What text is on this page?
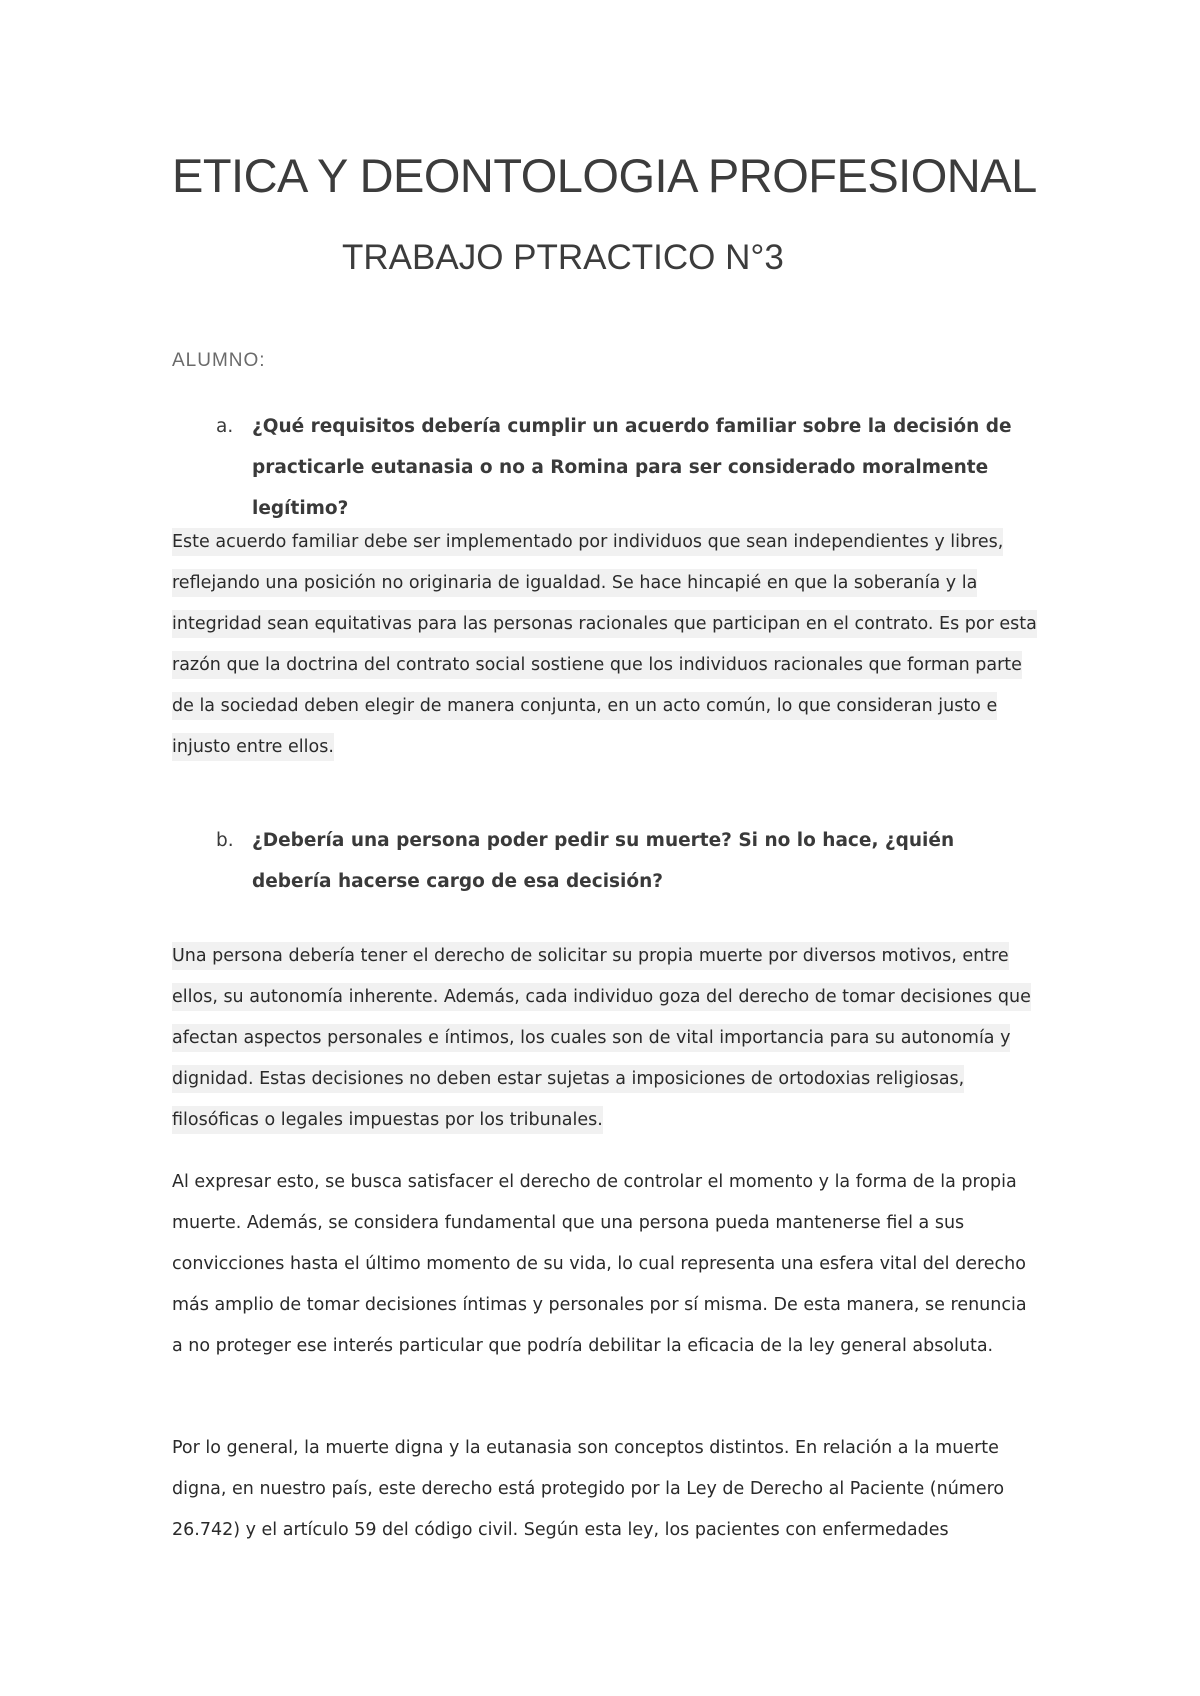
ETICA Y DEONTOLOGIA PROFESIONAL
TRABAJO PTRACTICO N°3
ALUMNO:
a. ¿Qué requisitos debería cumplir un acuerdo familiar sobre la decisión de practicarle eutanasia o no a Romina para ser considerado moralmente legítimo?

Este acuerdo familiar debe ser implementado por individuos que sean independientes y libres, reflejando una posición no originaria de igualdad. Se hace hincapié en que la soberanía y la integridad sean equitativas para las personas racionales que participan en el contrato. Es por esta razón que la doctrina del contrato social sostiene que los individuos racionales que forman parte de la sociedad deben elegir de manera conjunta, en un acto común, lo que consideran justo e injusto entre ellos.

b. ¿Debería una persona poder pedir su muerte? Si no lo hace, ¿quién debería hacerse cargo de esa decisión?

Una persona debería tener el derecho de solicitar su propia muerte por diversos motivos, entre ellos, su autonomía inherente. Además, cada individuo goza del derecho de tomar decisiones que afectan aspectos personales e íntimos, los cuales son de vital importancia para su autonomía y dignidad. Estas decisiones no deben estar sujetas a imposiciones de ortodoxias religiosas, filosóficas o legales impuestas por los tribunales.

Al expresar esto, se busca satisfacer el derecho de controlar el momento y la forma de la propia muerte. Además, se considera fundamental que una persona pueda mantenerse fiel a sus convicciones hasta el último momento de su vida, lo cual representa una esfera vital del derecho más amplio de tomar decisiones íntimas y personales por sí misma. De esta manera, se renuncia a no proteger ese interés particular que podría debilitar la eficacia de la ley general absoluta.

Por lo general, la muerte digna y la eutanasia son conceptos distintos. En relación a la muerte digna, en nuestro país, este derecho está protegido por la Ley de Derecho al Paciente (número 26.742) y el artículo 59 del código civil. Según esta ley, los pacientes con enfermedades
